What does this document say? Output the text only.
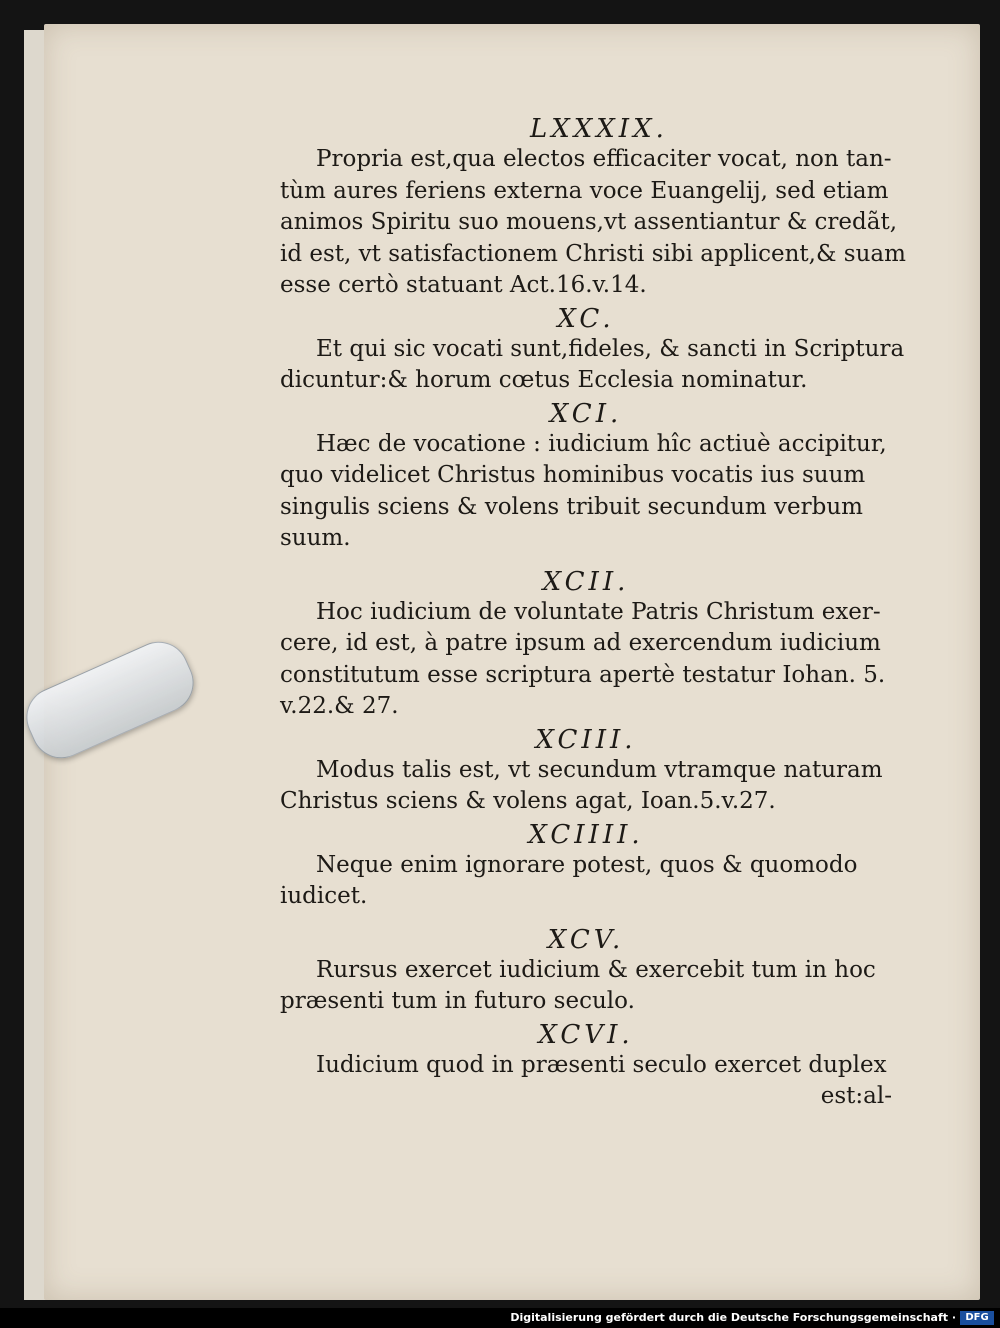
LXXXIX.
Propria est,qua electos efficaciter vocat, non tan-
tùm aures feriens externa voce Euangelij, sed etiam
animos Spiritu suo mouens,vt assentiantur & credãt,
id est, vt satisfactionem Christi sibi applicent,& suam
esse certò statuant Act.16.v.14.
XC.
Et qui sic vocati sunt,fideles, & sancti in Scriptura
dicuntur:& horum cœtus Ecclesia nominatur.
XCI.
Hæc de vocatione : iudicium hîc actiuè accipitur,
quo videlicet Christus hominibus vocatis ius suum
singulis sciens & volens tribuit secundum verbum
suum.
XCII.
Hoc iudicium de voluntate Patris Christum exer-
cere, id est, à patre ipsum ad exercendum iudicium
constitutum esse scriptura apertè testatur Iohan. 5.
v.22.& 27.
XCIII.
Modus talis est, vt secundum vtramque naturam
Christus sciens & volens agat, Ioan.5.v.27.
XCIIII.
Neque enim ignorare potest, quos & quomodo
iudicet.
XCV.
Rursus exercet iudicium & exercebit tum in hoc
præsenti tum in futuro seculo.
XCVI.
Iudicium quod in præsenti seculo exercet duplex
est:al-
Digitalisierung gefördert durch die Deutsche Forschungsgemeinschaft · DFG
